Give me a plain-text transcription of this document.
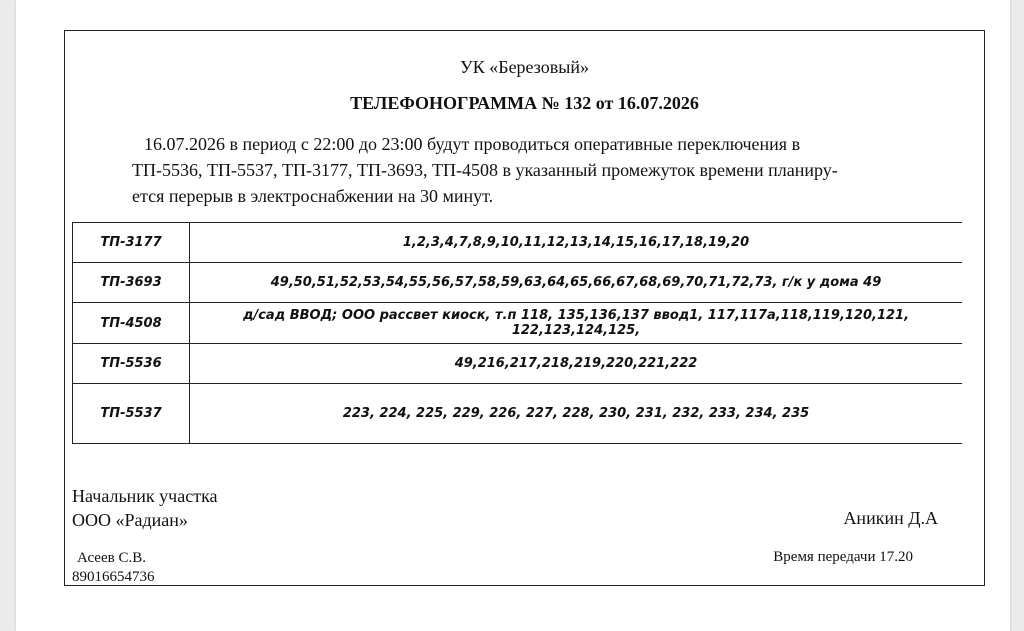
УК «Березовый»
ТЕЛЕФОНОГРАММА № 132 от 16.07.2026
16.07.2026 в период с 22:00 до 23:00 будут проводиться оперативные переключения в
ТП-5536, ТП-5537, ТП-3177, ТП-3693, ТП-4508 в указанный промежуток времени планиру-
ется перерыв в электроснабжении на 30 минут.
ТП-3177	1,2,3,4,7,8,9,10,11,12,13,14,15,16,17,18,19,20
ТП-3693	49,50,51,52,53,54,55,56,57,58,59,63,64,65,66,67,68,69,70,71,72,73, г/к у дома 49
ТП-4508	д/сад ВВОД; ООО рассвет киоск, т.п 118, 135,136,137 ввод1, 117,117а,118,119,120,121, 122,123,124,125,
ТП-5536	49,216,217,218,219,220,221,222
ТП-5537	223, 224, 225, 229, 226, 227, 228, 230, 231, 232, 233, 234, 235
Начальник участка
ООО «Радиан»	Аникин Д.А
Асеев С.В.
89016654736
Время передачи 17.20
